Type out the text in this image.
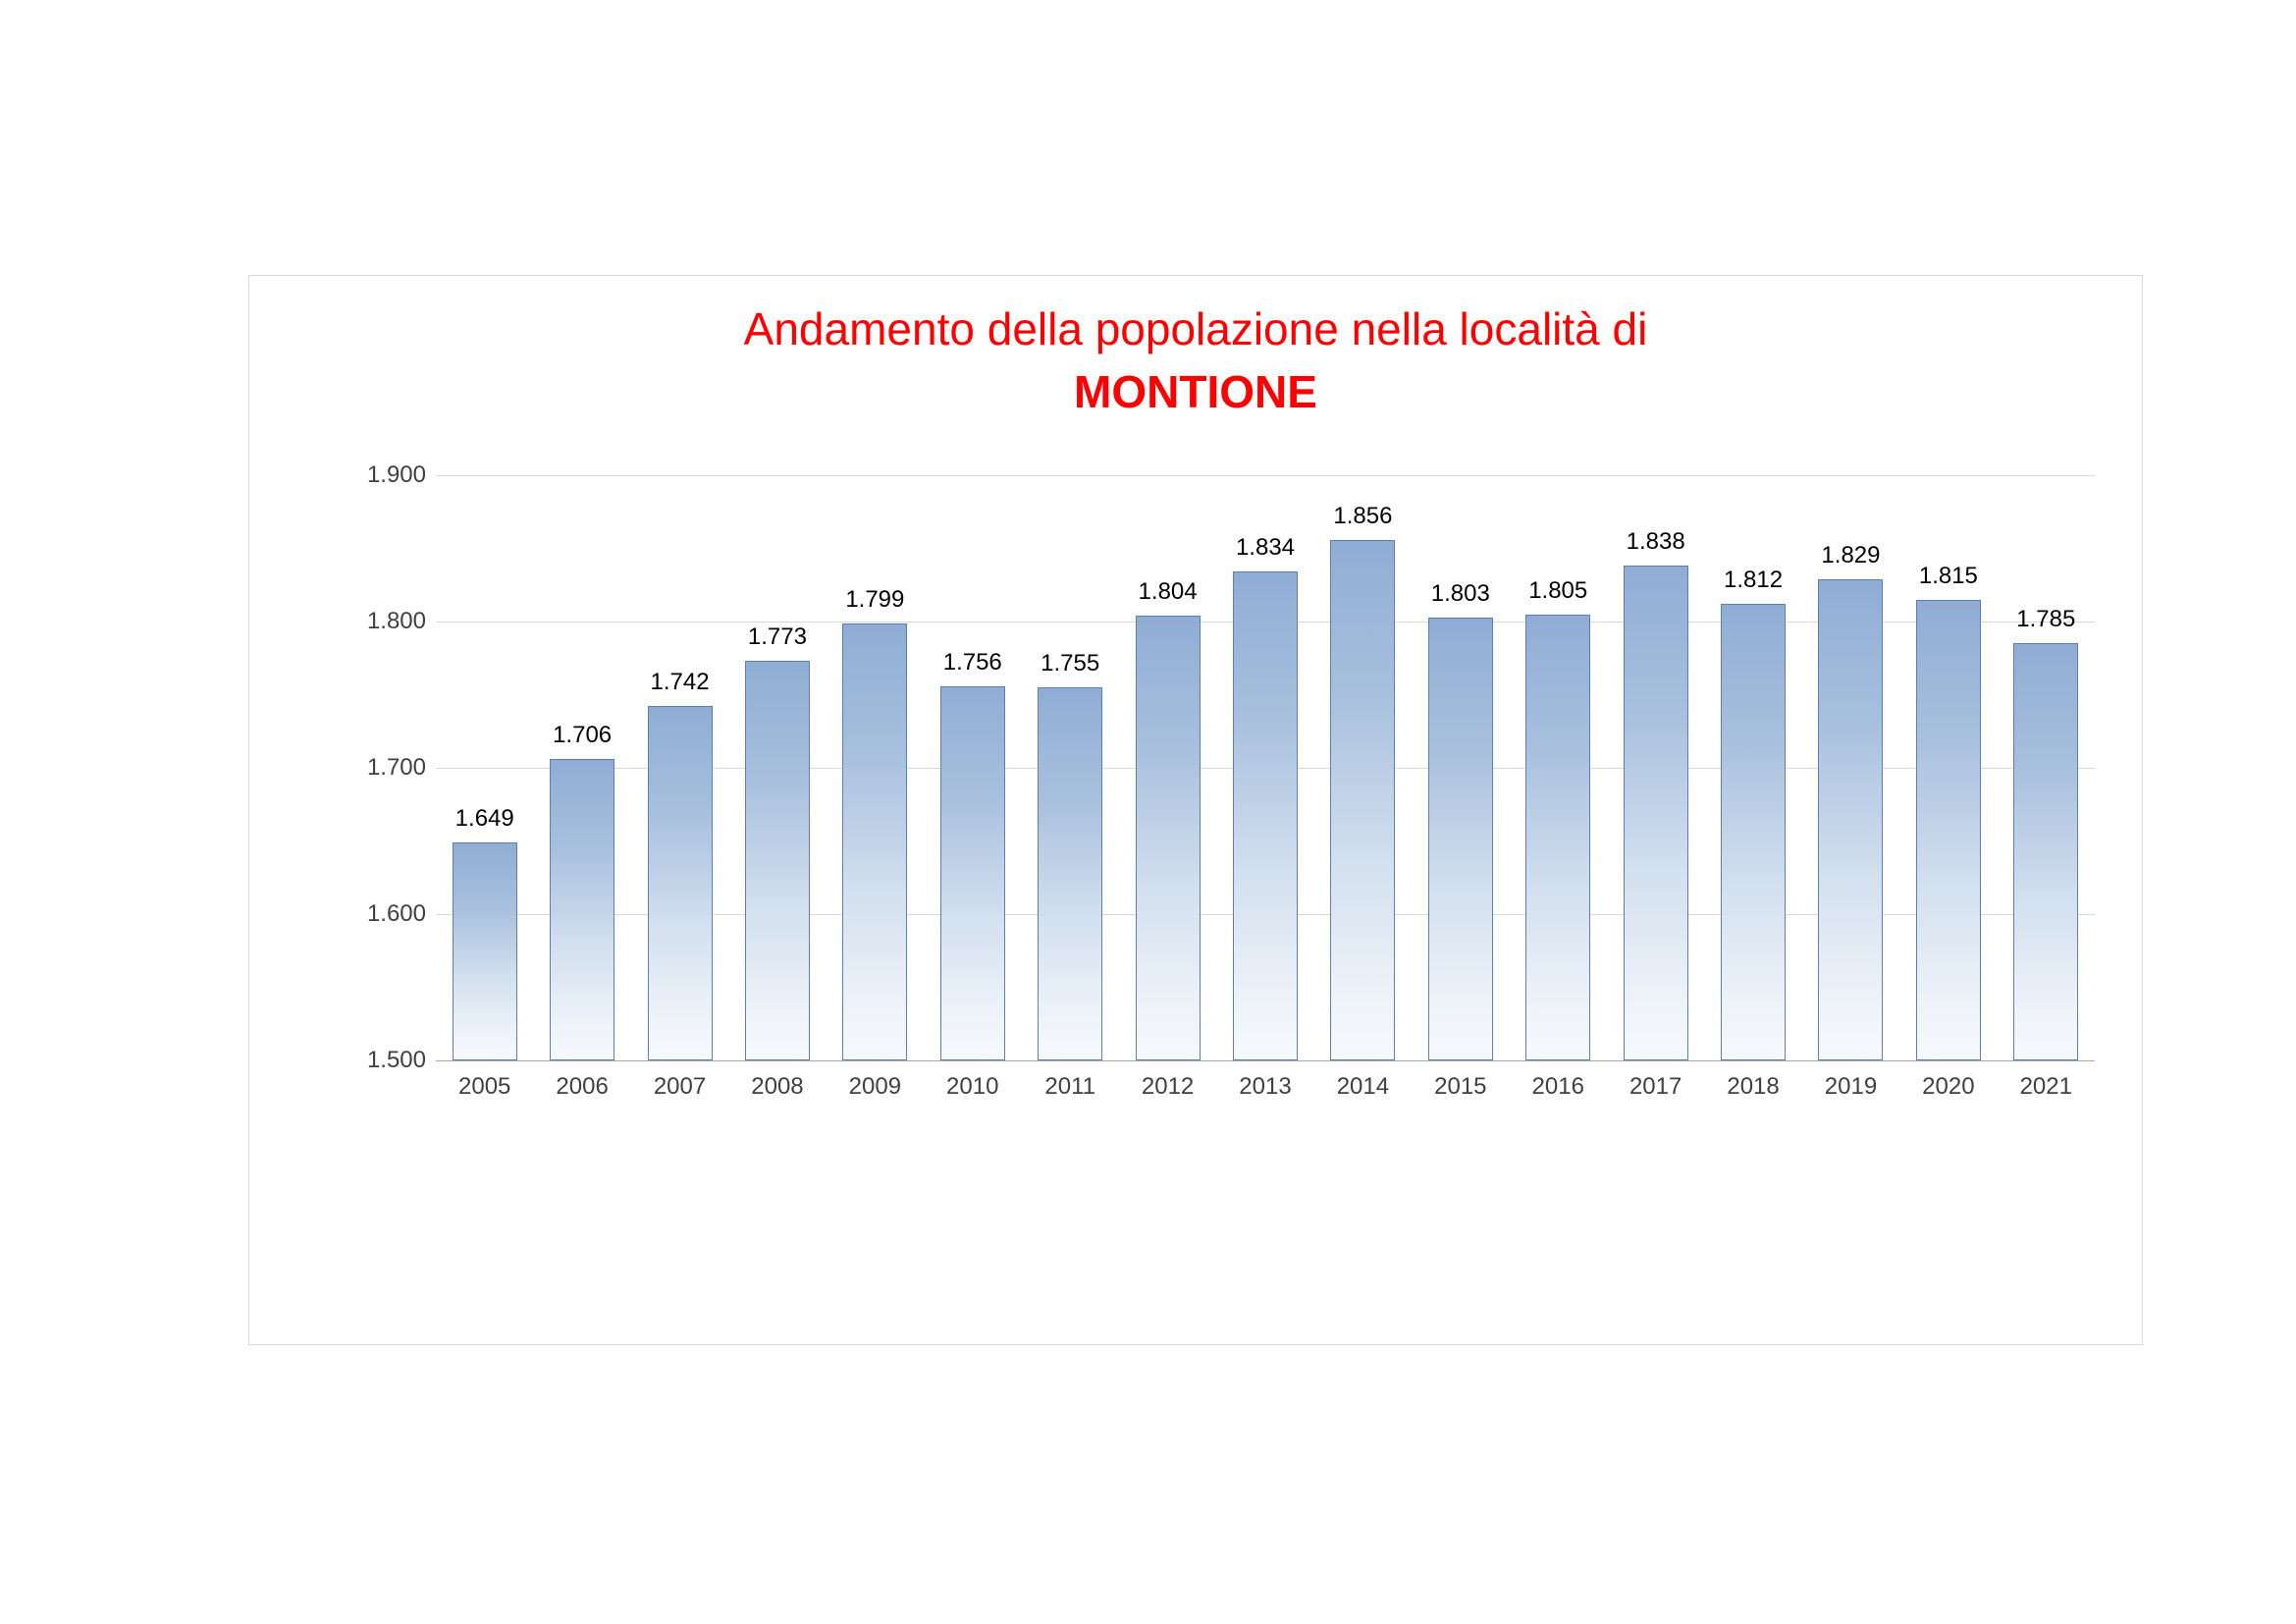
Andamento della popolazione nella località di
MONTIONE
1.900
1.800
1.700
1.600
1.500
1.649
1.706
1.742
1.773
1.799
1.756 1.755
1.804
1.834
1.856
1.803 1.805
1.838
1.812
1.829
1.815
1.785
2005 2006 2007 2008 2009 2010 2011 2012 2013 2014 2015 2016 2017 2018 2019 2020 2021
